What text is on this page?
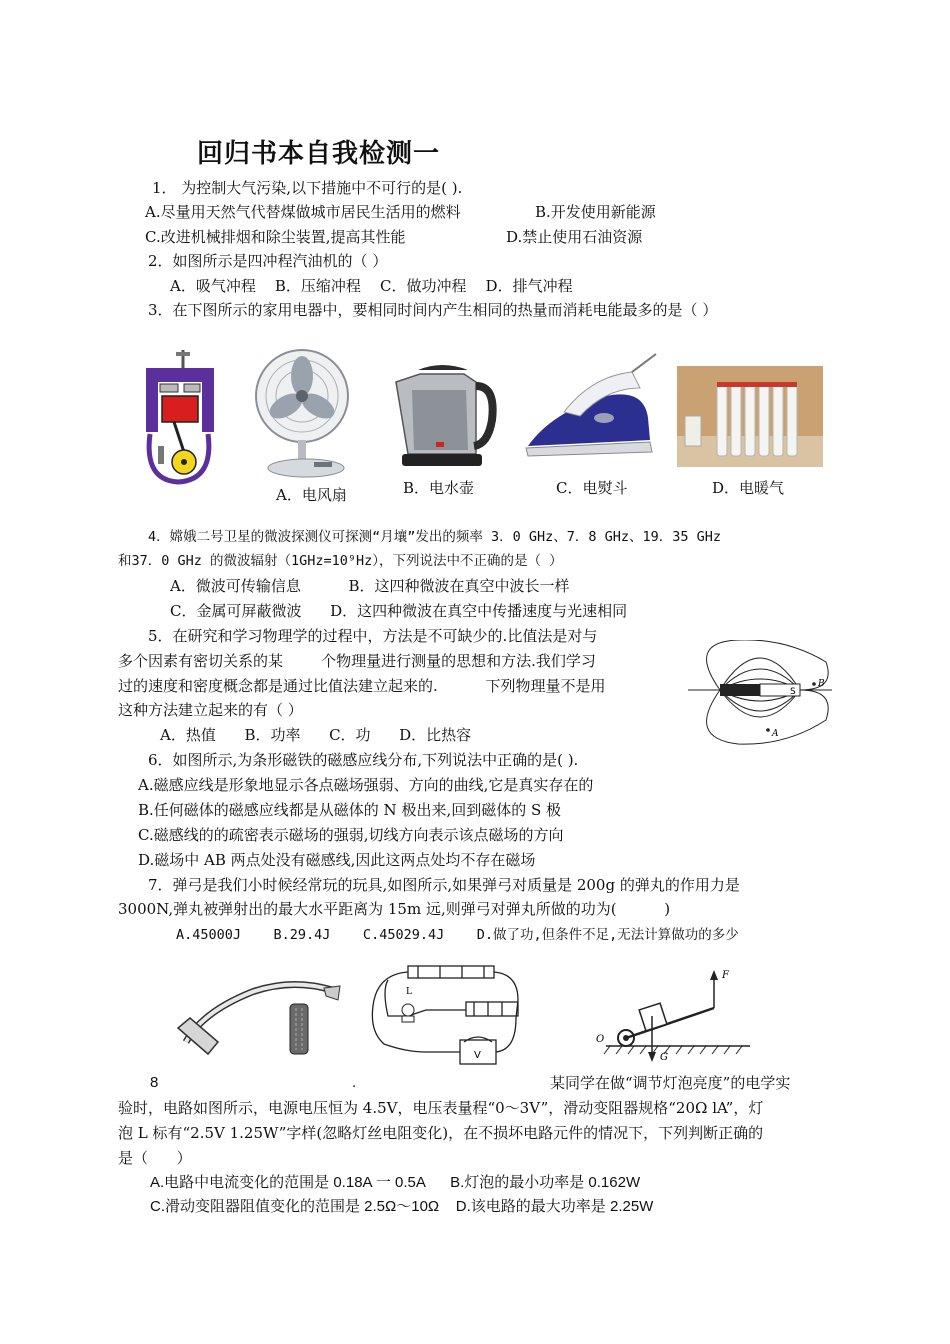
回归书本自我检测一
1． 为控制大气污染,以下措施中不可行的是( ).
A.尽量用天然气代替煤做城市居民生活用的燃料	B.开发使用新能源
C.改进机械排烟和除尘装置,提高其性能	D.禁止使用石油资源
2．如图所示是四冲程汽油机的（ ）
A．吸气冲程    B．压缩冲程    C．做功冲程    D．排气冲程
3．在下图所示的家用电器中，要相同时间内产生相同的热量而消耗电能最多的是（ ）
A．电风扇	B．电水壶	C．电熨斗	D．电暖气
4．嫦娥二号卫星的微波探测仪可探测“月壤”发出的频率 3．0 GHz、7．8 GHz、19．35 GHz
和37．0 GHz 的微波辐射（1GHz=10⁹Hz），下列说法中不正确的是（ ）
A．微波可传输信息          B．这四种微波在真空中波长一样
C．金属可屏蔽微波      D．这四种微波在真空中传播速度与光速相同
5．在研究和学习物理学的过程中，方法是不可缺少的.比值法是对与
多个因素有密切关系的某        个物理量进行测量的思想和方法.我们学习
过的速度和密度概念都是通过比值法建立起来的.          下列物理量不是用
这种方法建立起来的有（ ）
A．热值      B．功率      C．功      D．比热容
S
B
A
6．如图所示,为条形磁铁的磁感应线分布,下列说法中正确的是( ).
A.磁感应线是形象地显示各点磁场强弱、方向的曲线,它是真实存在的
B.任何磁体的磁感应线都是从磁体的 N 极出来,回到磁体的 S 极
C.磁感线的的疏密表示磁场的强弱,切线方向表示该点磁场的方向
D.磁场中 AB 两点处没有磁感线,因此这两点处均不存在磁场
7．弹弓是我们小时候经常玩的玩具,如图所示,如果弹弓对质量是 200g 的弹丸的作用力是
3000N,弹丸被弹射出的最大水平距离为 15m 远,则弹弓对弹丸所做的功为(          )
A.45000J    B.29.4J    C.45029.4J    D.做了功,但条件不足,无法计算做功的多少
L
V
F
O
G
8	.	某同学在做“调节灯泡亮度”的电学实
验时，电路如图所示，电源电压恒为 4.5V，电压表量程“0～3V”，滑动变阻器规格“20Ω lA”，灯
泡 L 标有“2.5V 1.25W”字样(忽略灯丝电阻变化)，在不损坏电路元件的情况下，下列判断正确的
是（      ）
A.电路中电流变化的范围是 0.18A 一 0.5A      B.灯泡的最小功率是 0.162W
C.滑动变阻器阻值变化的范围是 2.5Ω～10Ω    D.该电路的最大功率是 2.25W
